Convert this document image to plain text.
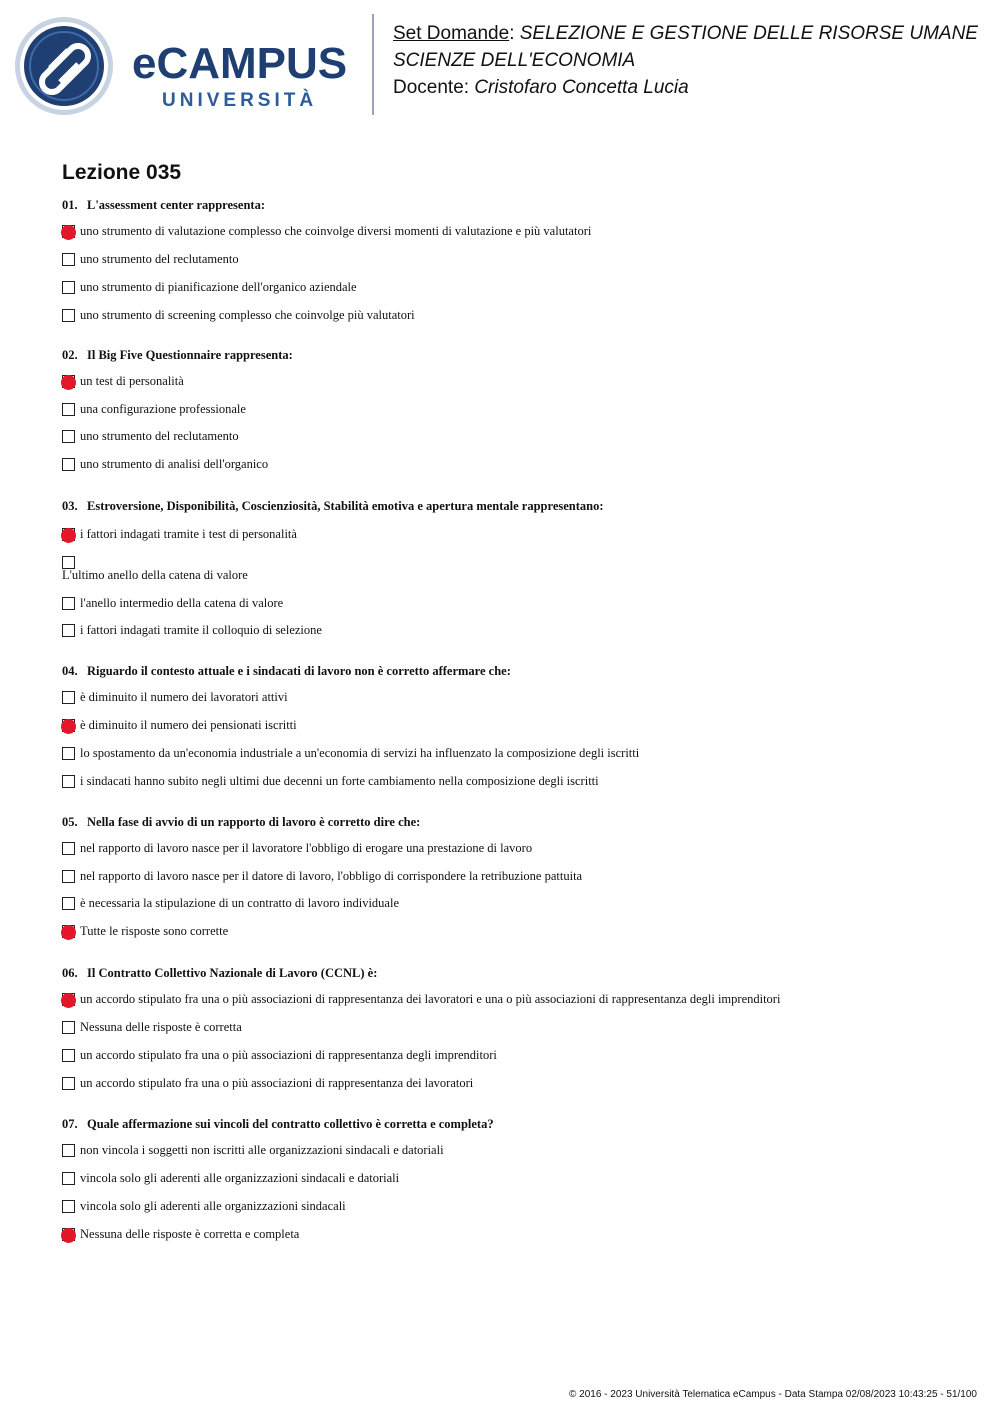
eCAMPUS
UNIVERSITÀ
Set Domande: SELEZIONE E GESTIONE DELLE RISORSE UMANE
SCIENZE DELL'ECONOMIA
Docente: Cristofaro Concetta Lucia
Lezione 035
01. L'assessment center rappresenta:
uno strumento di valutazione complesso che coinvolge diversi momenti di valutazione e più valutatori
uno strumento del reclutamento
uno strumento di pianificazione dell'organico aziendale
uno strumento di screening complesso che coinvolge più valutatori
02. Il Big Five Questionnaire rappresenta:
un test di personalità
una configurazione professionale
uno strumento del reclutamento
uno strumento di analisi dell'organico
03. Estroversione, Disponibilità, Coscienziosità, Stabilità emotiva e apertura mentale rappresentano:
i fattori indagati tramite i test di personalità
L'ultimo anello della catena di valore
l'anello intermedio della catena di valore
i fattori indagati tramite il colloquio di selezione
04. Riguardo il contesto attuale e i sindacati di lavoro non è corretto affermare che:
è diminuito il numero dei lavoratori attivi
è diminuito il numero dei pensionati iscritti
lo spostamento da un'economia industriale a un'economia di servizi ha influenzato la composizione degli iscritti
i sindacati hanno subito negli ultimi due decenni un forte cambiamento nella composizione degli iscritti
05. Nella fase di avvio di un rapporto di lavoro è corretto dire che:
nel rapporto di lavoro nasce per il lavoratore l'obbligo di erogare una prestazione di lavoro
nel rapporto di lavoro nasce per il datore di lavoro, l'obbligo di corrispondere la retribuzione pattuita
è necessaria la stipulazione di un contratto di lavoro individuale
Tutte le risposte sono corrette
06. Il Contratto Collettivo Nazionale di Lavoro (CCNL) è:
un accordo stipulato fra una o più associazioni di rappresentanza dei lavoratori e una o più associazioni di rappresentanza degli imprenditori
Nessuna delle risposte è corretta
un accordo stipulato fra una o più associazioni di rappresentanza degli imprenditori
un accordo stipulato fra una o più associazioni di rappresentanza dei lavoratori
07. Quale affermazione sui vincoli del contratto collettivo è corretta e completa?
non vincola i soggetti non iscritti alle organizzazioni sindacali e datoriali
vincola solo gli aderenti alle organizzazioni sindacali e datoriali
vincola solo gli aderenti alle organizzazioni sindacali
Nessuna delle risposte è corretta e completa
© 2016 - 2023 Università Telematica eCampus - Data Stampa 02/08/2023 10:43:25 - 51/100
